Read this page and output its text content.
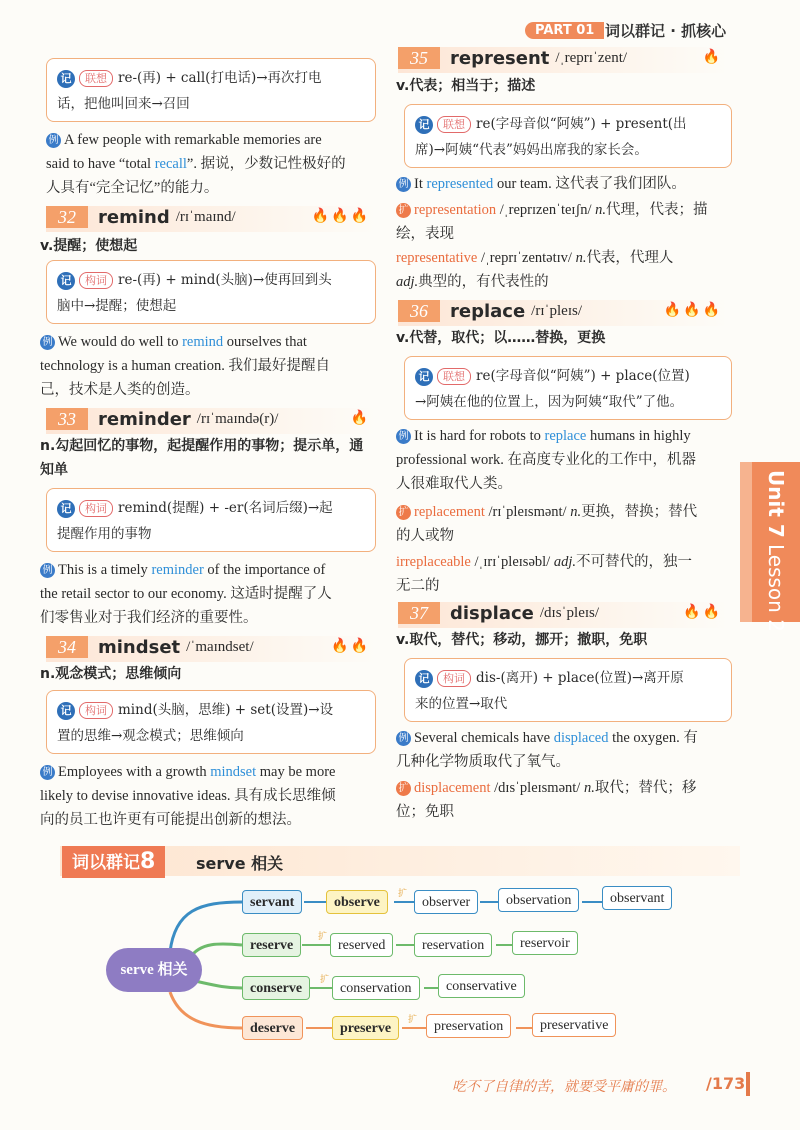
PART 01 词以群记 · 抓核心
记 联想 re-(再) + call(打电话)→再次打电
话，把他叫回来→召回
例 A few people with remarkable memories are
said to have “total recall”. 据说，少数记性极好的
人具有“完全记忆”的能力。
32 remind /rɪˈmaɪnd/	🔥🔥🔥
v.提醒；使想起
记 构词 re-(再) + mind(头脑)→使再回到头
脑中→提醒；使想起
例 We would do well to remind ourselves that
technology is a human creation. 我们最好提醒自
己，技术是人类的创造。
33 reminder /rɪˈmaɪndə(r)/	🔥
n.勾起回忆的事物，起提醒作用的事物；提示单，通
知单
记 构词 remind(提醒) + -er(名词后缀)→起
提醒作用的事物
例 This is a timely reminder of the importance of
the retail sector to our economy. 这适时提醒了人
们零售业对于我们经济的重要性。
34 mindset /ˈmaɪndset/	🔥🔥
n.观念模式；思维倾向
记 构词 mind(头脑，思维) + set(设置)→设
置的思维→观念模式；思维倾向
例 Employees with a growth mindset may be more
likely to devise innovative ideas. 具有成长思维倾
向的员工也许更有可能提出创新的想法。
35 represent /ˌreprɪˈzent/	🔥
v.代表；相当于；描述
记 联想 re(字母音似“阿姨”) + present(出
席)→阿姨“代表”妈妈出席我的家长会。
例 It represented our team. 这代表了我们团队。
扩 representation /ˌreprɪzenˈteɪʃn/ n.代理，代表；描
绘，表现
representative /ˌreprɪˈzentətɪv/ n.代表，代理人
adj.典型的，有代表性的
36 replace /rɪˈpleɪs/	🔥🔥🔥
v.代替，取代；以……替换，更换
记 联想 re(字母音似“阿姨”) + place(位置)
→阿姨在他的位置上，因为阿姨“取代”了他。
例 It is hard for robots to replace humans in highly
professional work. 在高度专业化的工作中，机器
人很难取代人类。
扩 replacement /rɪˈpleɪsmənt/ n.更换，替换；替代
的人或物
irreplaceable /ˌɪrɪˈpleɪsəbl/ adj.不可替代的，独一
无二的
37 displace /dɪsˈpleɪs/	🔥🔥
v.取代，替代；移动，挪开；撤职，免职
记 构词 dis-(离开) + place(位置)→离开原
来的位置→取代
例 Several chemicals have displaced the oxygen. 有
几种化学物质取代了氧气。
扩 displacement /dɪsˈpleɪsmənt/ n.取代；替代；移
位；免职
Unit 7
Lesson 2
词以群记8	serve 相关
扩
扩
扩
扩
serve 相关
servant	observe	observer	observation	observant
reserve	reserved	reservation	reservoir
conserve	conservation	conservative
deserve	preserve	preservation	preservative
吃不了自律的苦，就要受平庸的罪。 /173
